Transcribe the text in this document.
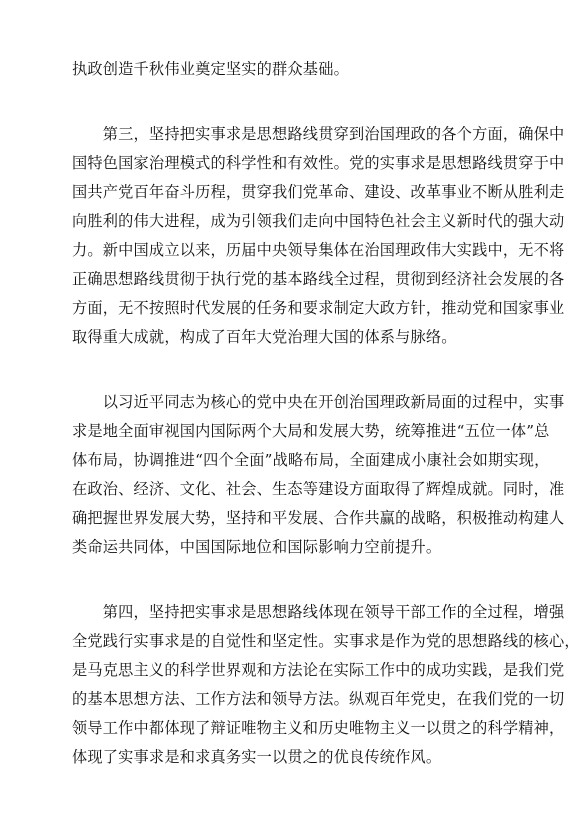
执政创造千秋伟业奠定坚实的群众基础。
　　第三，坚持把实事求是思想路线贯穿到治国理政的各个方面，确保中
国特色国家治理模式的科学性和有效性。党的实事求是思想路线贯穿于中
国共产党百年奋斗历程，贯穿我们党革命、建设、改革事业不断从胜利走
向胜利的伟大进程，成为引领我们走向中国特色社会主义新时代的强大动
力。新中国成立以来，历届中央领导集体在治国理政伟大实践中，无不将
正确思想路线贯彻于执行党的基本路线全过程，贯彻到经济社会发展的各
方面，无不按照时代发展的任务和要求制定大政方针，推动党和国家事业
取得重大成就，构成了百年大党治理大国的体系与脉络。
　　以习近平同志为核心的党中央在开创治国理政新局面的过程中，实事
求是地全面审视国内国际两个大局和发展大势，统筹推进“五位一体”总
体布局，协调推进“四个全面”战略布局，全面建成小康社会如期实现，
在政治、经济、文化、社会、生态等建设方面取得了辉煌成就。同时，准
确把握世界发展大势，坚持和平发展、合作共赢的战略，积极推动构建人
类命运共同体，中国国际地位和国际影响力空前提升。
　　第四，坚持把实事求是思想路线体现在领导干部工作的全过程，增强
全党践行实事求是的自觉性和坚定性。实事求是作为党的思想路线的核心，
是马克思主义的科学世界观和方法论在实际工作中的成功实践，是我们党
的基本思想方法、工作方法和领导方法。纵观百年党史，在我们党的一切
领导工作中都体现了辩证唯物主义和历史唯物主义一以贯之的科学精神，
体现了实事求是和求真务实一以贯之的优良传统作风。
